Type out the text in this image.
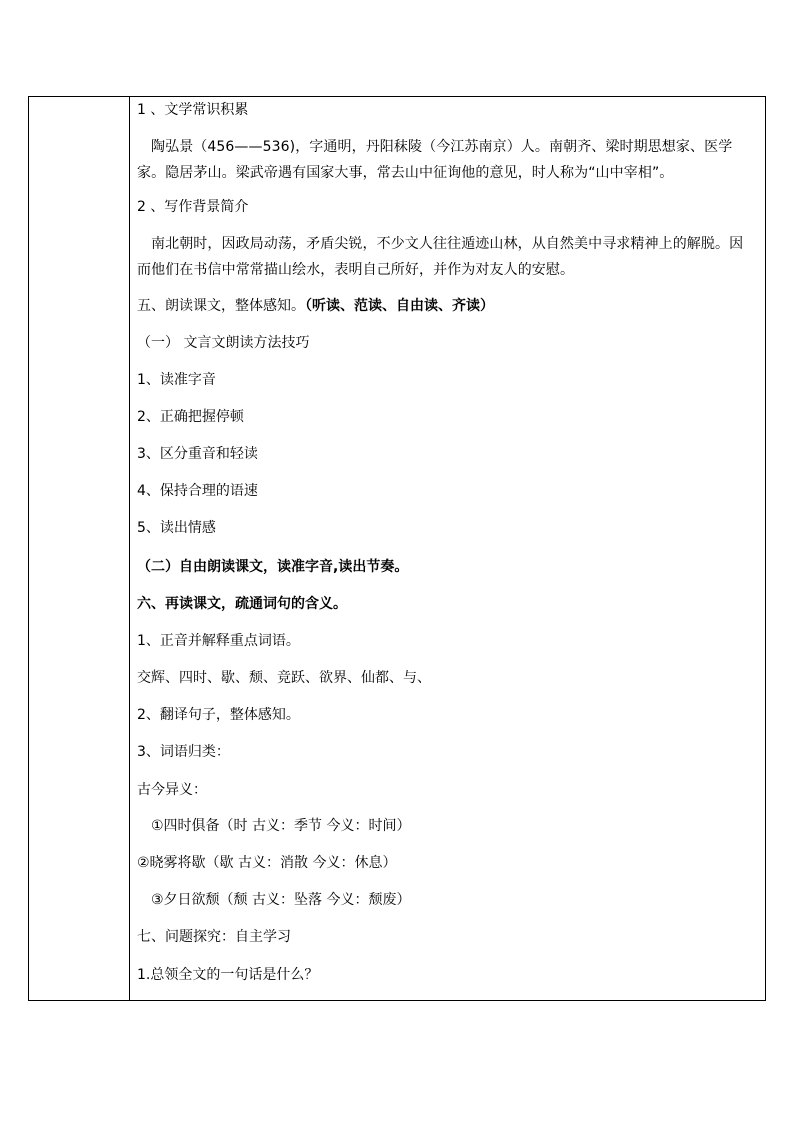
1 、文学常识积累
陶弘景（456——536)，字通明，丹阳秣陵（今江苏南京）人。南朝齐、梁时期思想家、医学家。隐居茅山。梁武帝遇有国家大事，常去山中征询他的意见，时人称为“山中宰相”。
2 、写作背景简介
南北朝时，因政局动荡，矛盾尖锐，不少文人往往遁迹山林，从自然美中寻求精神上的解脱。因而他们在书信中常常描山绘水，表明自己所好，并作为对友人的安慰。
五、朗读课文，整体感知。（听读、范读、自由读、齐读）
（一） 文言文朗读方法技巧
1、读准字音
2、正确把握停顿
3、区分重音和轻读
4、保持合理的语速
5、读出情感
（二）自由朗读课文，读准字音,读出节奏。
六、再读课文，疏通词句的含义。
1、正音并解释重点词语。
交辉、四时、歇、颓、竞跃、欲界、仙都、与、
2、翻译句子，整体感知。
3、词语归类：
古今异义：
①四时俱备（时 古义：季节 今义：时间）
②晓雾将歇（歇 古义：消散 今义：休息）
③夕日欲颓（颓 古义：坠落 今义：颓废）
七、问题探究：自主学习
1.总领全文的一句话是什么？
